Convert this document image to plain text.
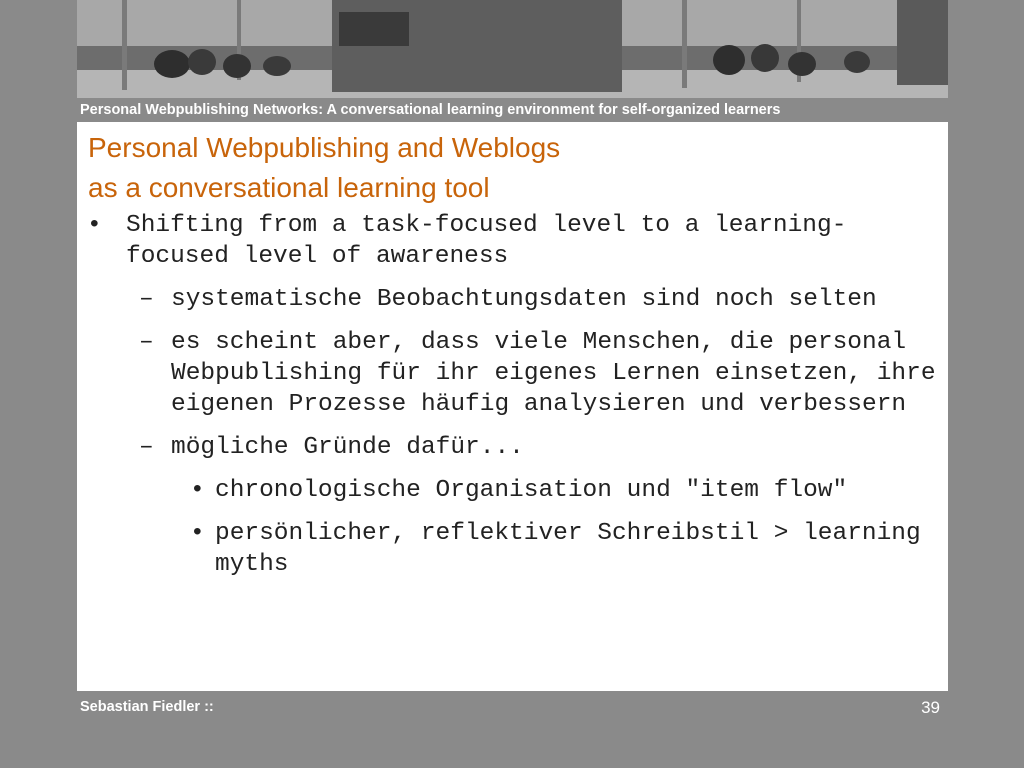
Personal Webpublishing Networks: A conversational learning environment for self-organized learners
Personal Webpublishing and Weblogs
as a conversational learning tool
• Shifting from a task-focused level to a learning-focused level of awareness
– systematische Beobachtungsdaten sind noch selten
– es scheint aber, dass viele Menschen, die personal Webpublishing für ihr eigenes Lernen einsetzen, ihre eigenen Prozesse häufig analysieren und verbessern
– mögliche Gründe dafür...
• chronologische Organisation und "item flow"
• persönlicher, reflektiver Schreibstil > learning myths
Sebastian Fiedler ::	39
